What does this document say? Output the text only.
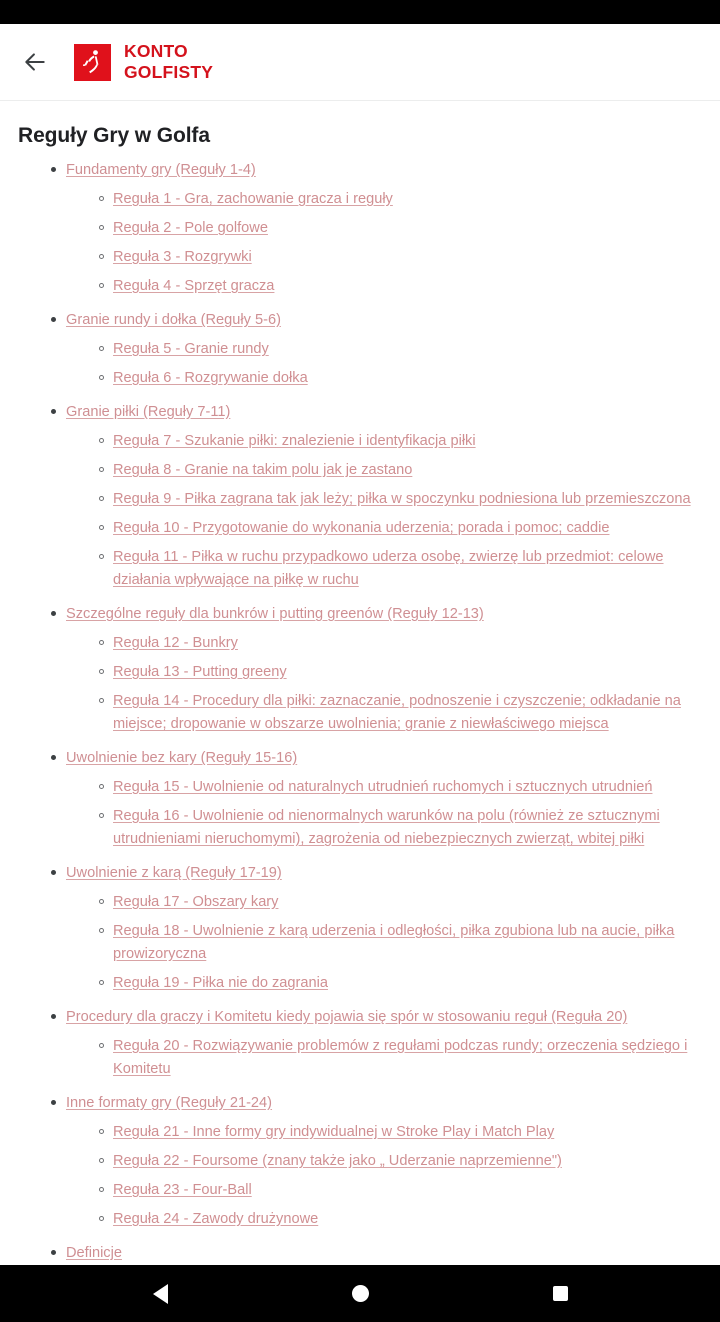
KONTO
GOLFISTY
Reguły Gry w Golfa
Fundamenty gry (Reguły 1-4)
Reguła 1 - Gra, zachowanie gracza i reguły
Reguła 2 - Pole golfowe
Reguła 3 - Rozgrywki
Reguła 4 - Sprzęt gracza
Granie rundy i dołka (Reguły 5-6)
Reguła 5 - Granie rundy
Reguła 6 - Rozgrywanie dołka
Granie piłki (Reguły 7-11)
Reguła 7 - Szukanie piłki: znalezienie i identyfikacja piłki
Reguła 8 - Granie na takim polu jak je zastano
Reguła 9 - Piłka zagrana tak jak leży; piłka w spoczynku podniesiona lub przemieszczona
Reguła 10 - Przygotowanie do wykonania uderzenia; porada i pomoc; caddie
Reguła 11 - Piłka w ruchu przypadkowo uderza osobę, zwierzę lub przedmiot: celowe działania wpływające na piłkę w ruchu
Szczególne reguły dla bunkrów i putting greenów (Reguły 12-13)
Reguła 12 - Bunkry
Reguła 13 - Putting greeny
Reguła 14 - Procedury dla piłki: zaznaczanie, podnoszenie i czyszczenie; odkładanie na miejsce; dropowanie w obszarze uwolnienia; granie z niewłaściwego miejsca
Uwolnienie bez kary (Reguły 15-16)
Reguła 15 - Uwolnienie od naturalnych utrudnień ruchomych i sztucznych utrudnień
Reguła 16 - Uwolnienie od nienormalnych warunków na polu (również ze sztucznymi utrudnieniami nieruchomymi), zagrożenia od niebezpiecznych zwierząt, wbitej piłki
Uwolnienie z karą (Reguły 17-19)
Reguła 17 - Obszary kary
Reguła 18 - Uwolnienie z karą uderzenia i odległości, piłka zgubiona lub na aucie, piłka prowizoryczna
Reguła 19 - Piłka nie do zagrania
Procedury dla graczy i Komitetu kiedy pojawia się spór w stosowaniu reguł (Reguła 20)
Reguła 20 - Rozwiązywanie problemów z regułami podczas rundy; orzeczenia sędziego i Komitetu
Inne formaty gry (Reguły 21-24)
Reguła 21 - Inne formy gry indywidualnej w Stroke Play i Match Play
Reguła 22 - Foursome (znany także jako „ Uderzanie naprzemienne")
Reguła 23 - Four-Ball
Reguła 24 - Zawody drużynowe
Definicje
